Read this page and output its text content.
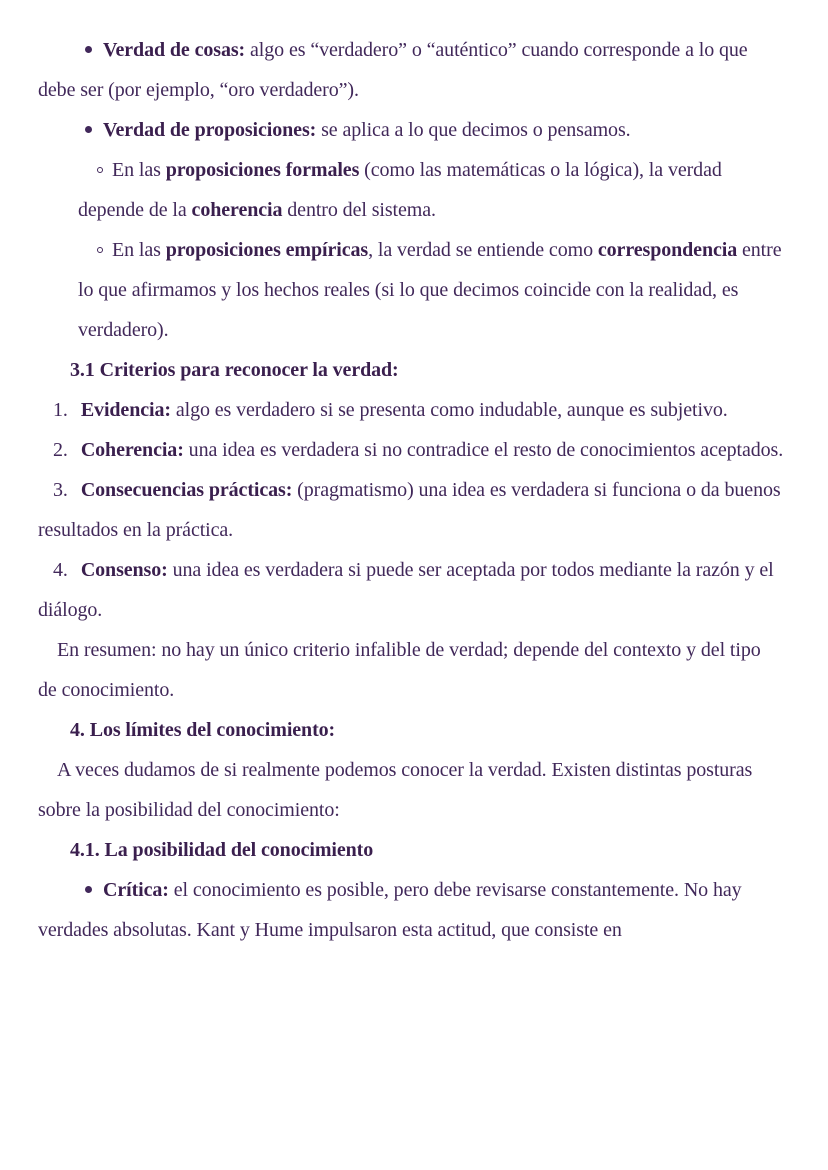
Verdad de cosas: algo es “verdadero” o “auténtico” cuando corresponde a lo que debe ser (por ejemplo, “oro verdadero”).

Verdad de proposiciones: se aplica a lo que decimos o pensamos.

En las proposiciones formales (como las matemáticas o la lógica), la verdad depende de la coherencia dentro del sistema.

En las proposiciones empíricas, la verdad se entiende como correspondencia entre lo que afirmamos y los hechos reales (si lo que decimos coincide con la realidad, es verdadero).

3.1 Criterios para reconocer la verdad:

1. Evidencia: algo es verdadero si se presenta como indudable, aunque es subjetivo.

2. Coherencia: una idea es verdadera si no contradice el resto de conocimientos aceptados.

3. Consecuencias prácticas: (pragmatismo) una idea es verdadera si funciona o da buenos resultados en la práctica.

4. Consenso: una idea es verdadera si puede ser aceptada por todos mediante la razón y el diálogo.

En resumen: no hay un único criterio infalible de verdad; depende del contexto y del tipo de conocimiento.

4. Los límites del conocimiento:

A veces dudamos de si realmente podemos conocer la verdad. Existen distintas posturas sobre la posibilidad del conocimiento:

4.1. La posibilidad del conocimiento

Crítica: el conocimiento es posible, pero debe revisarse constantemente. No hay verdades absolutas. Kant y Hume impulsaron esta actitud, que consiste en
